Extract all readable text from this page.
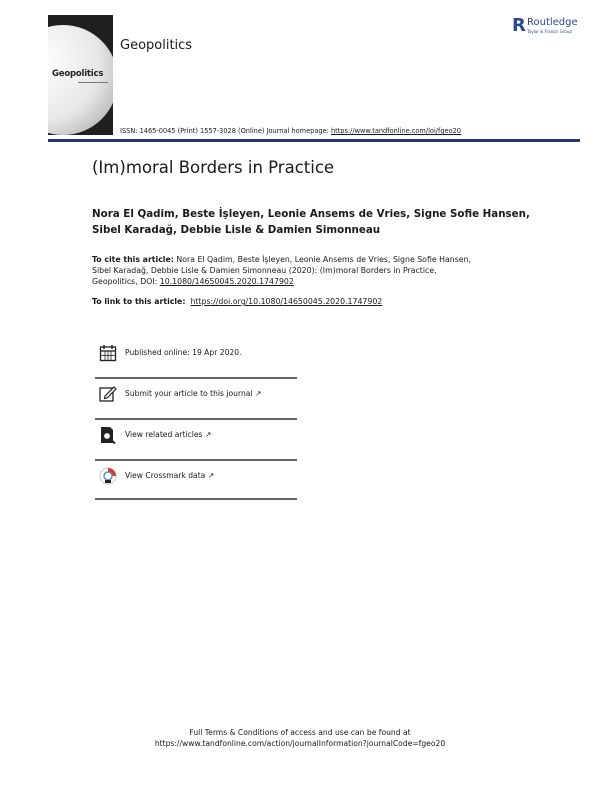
Geopolitics
■
Geopolitics
R Routledge
Taylor & Francis Group
ISSN: 1465-0045 (Print) 1557-3028 (Online) Journal homepage: https://www.tandfonline.com/loi/fgeo20
(Im)moral Borders in Practice
Nora El Qadim, Beste İşleyen, Leonie Ansems de Vries, Signe Sofie Hansen,
Sibel Karadağ, Debbie Lisle & Damien Simonneau
To cite this article: Nora El Qadim, Beste İşleyen, Leonie Ansems de Vries, Signe Sofie Hansen,
Sibel Karadağ, Debbie Lisle & Damien Simonneau (2020): (Im)moral Borders in Practice,
Geopolitics, DOI: 10.1080/14650045.2020.1747902
To link to this article: https://doi.org/10.1080/14650045.2020.1747902
Published online: 19 Apr 2020.
Submit your article to this journal ↗
View related articles ↗
View Crossmark data ↗
Full Terms & Conditions of access and use can be found at
https://www.tandfonline.com/action/journalInformation?journalCode=fgeo20
